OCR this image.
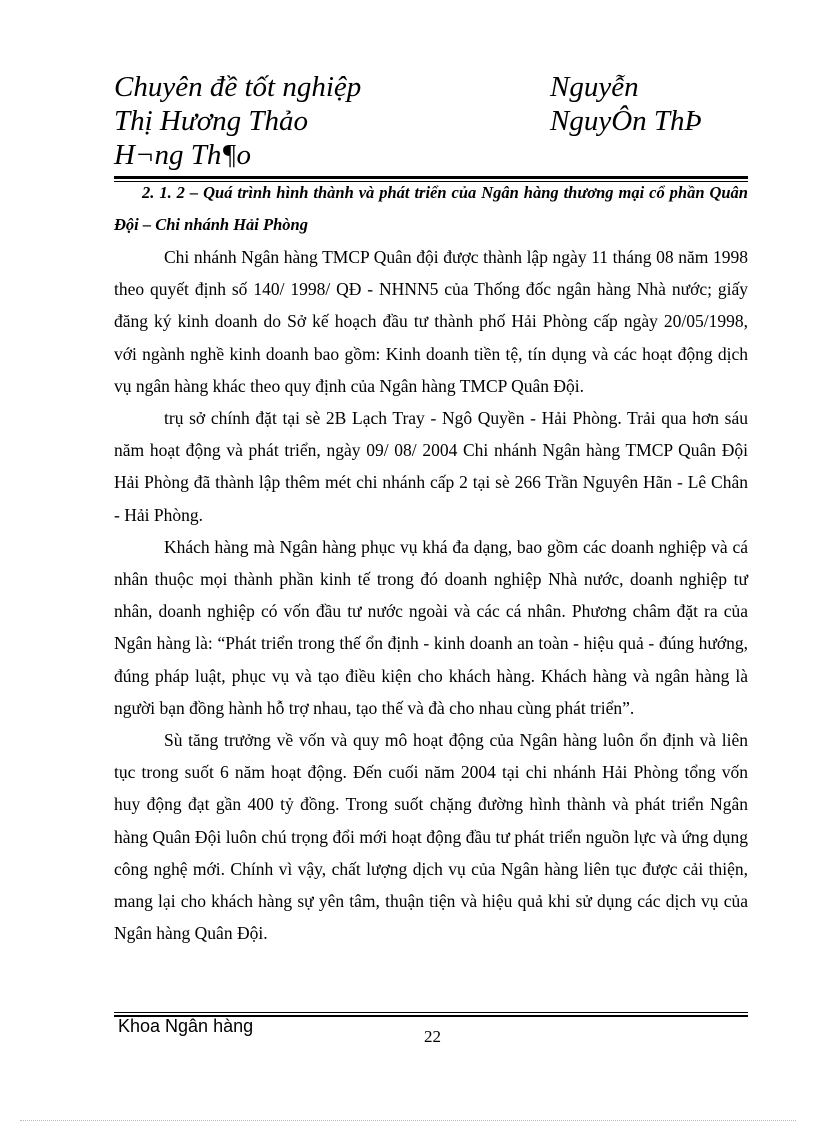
Chuyên đề tốt nghiệp	Nguyễn
Thị Hương Thảo	NguyÔn ThÞ
H¬ng Th¶o
2. 1. 2 – Quá trình hình thành và phát triển của Ngân hàng thương mại cổ phần Quân Đội – Chi nhánh Hải Phòng

Chi nhánh Ngân hàng TMCP Quân đội được thành lập ngày 11 tháng 08 năm 1998 theo quyết định số 140/ 1998/ QĐ - NHNN5 của Thống đốc ngân hàng Nhà nước; giấy đăng ký kinh doanh do Sở kế hoạch đầu tư thành phố Hải Phòng cấp ngày 20/05/1998, với ngành nghề kinh doanh bao gồm: Kinh doanh tiền tệ, tín dụng và các hoạt động dịch vụ ngân hàng khác theo quy định của Ngân hàng TMCP Quân Đội.

trụ sở chính đặt tại sè 2B Lạch Tray - Ngô Quyền - Hải Phòng. Trải qua hơn sáu năm hoạt động và phát triển, ngày 09/ 08/ 2004 Chi nhánh Ngân hàng TMCP Quân Đội Hải Phòng đã thành lập thêm mét chi nhánh cấp 2 tại sè 266 Trần Nguyên Hãn - Lê Chân - Hải Phòng.

Khách hàng mà Ngân hàng phục vụ khá đa dạng, bao gồm các doanh nghiệp và cá nhân thuộc mọi thành phần kinh tế trong đó doanh nghiệp Nhà nước, doanh nghiệp tư nhân, doanh nghiệp có vốn đầu tư nước ngoài và các cá nhân. Phương châm đặt ra của Ngân hàng là: “Phát triển trong thế ổn định - kinh doanh an toàn - hiệu quả - đúng hướng, đúng pháp luật, phục vụ và tạo điều kiện cho khách hàng. Khách hàng và ngân hàng là người bạn đồng hành hỗ trợ nhau, tạo thế và đà cho nhau cùng phát triển”.

Sù tăng trưởng về vốn và quy mô hoạt động của Ngân hàng luôn ổn định và liên tục trong suốt 6 năm hoạt động. Đến cuối năm 2004 tại chi nhánh Hải Phòng tổng vốn huy động đạt gần 400 tỷ đồng. Trong suốt chặng đường hình thành và phát triển Ngân hàng Quân Đội luôn chú trọng đổi mới hoạt động đầu tư phát triển nguồn lực và ứng dụng công nghệ mới. Chính vì vậy, chất lượng dịch vụ của Ngân hàng liên tục được cải thiện, mang lại cho khách hàng sự yên tâm, thuận tiện và hiệu quả khi sử dụng các dịch vụ của Ngân hàng Quân Đội.

Khoa Ngân hàng
22
